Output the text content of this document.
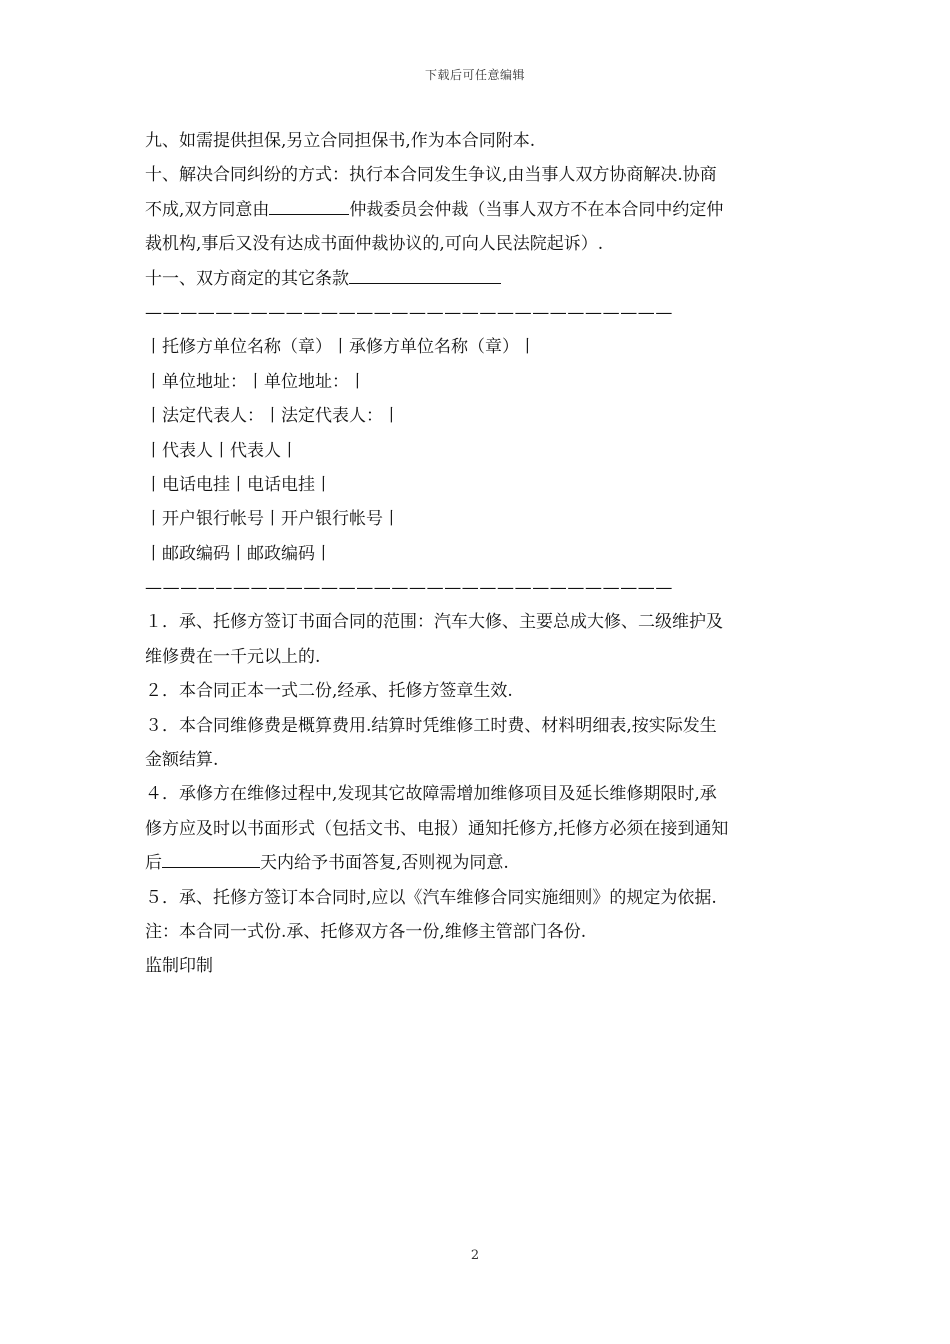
下载后可任意编辑
九、如需提供担保,另立合同担保书,作为本合同附本.
十、解决合同纠纷的方式：执行本合同发生争议,由当事人双方协商解决.协商
不成,双方同意由	仲裁委员会仲裁（当事人双方不在本合同中约定仲
裁机构,事后又没有达成书面仲裁协议的,可向人民法院起诉）.
十一、双方商定的其它条款
——————————————————————————————
丨托修方单位名称（章）丨承修方单位名称（章）丨
丨单位地址：丨单位地址：丨
丨法定代表人：丨法定代表人：丨
丨代表人丨代表人丨
丨电话电挂丨电话电挂丨
丨开户银行帐号丨开户银行帐号丨
丨邮政编码丨邮政编码丨
——————————————————————————————
１．承、托修方签订书面合同的范围：汽车大修、主要总成大修、二级维护及
维修费在一千元以上的.
２．本合同正本一式二份,经承、托修方签章生效.
３．本合同维修费是概算费用.结算时凭维修工时费、材料明细表,按实际发生
金额结算.
４．承修方在维修过程中,发现其它故障需增加维修项目及延长维修期限时,承
修方应及时以书面形式（包括文书、电报）通知托修方,托修方必须在接到通知
后	天内给予书面答复,否则视为同意.
５．承、托修方签订本合同时,应以《汽车维修合同实施细则》的规定为依据.
注：本合同一式份.承、托修双方各一份,维修主管部门各份.
监制印制
2
